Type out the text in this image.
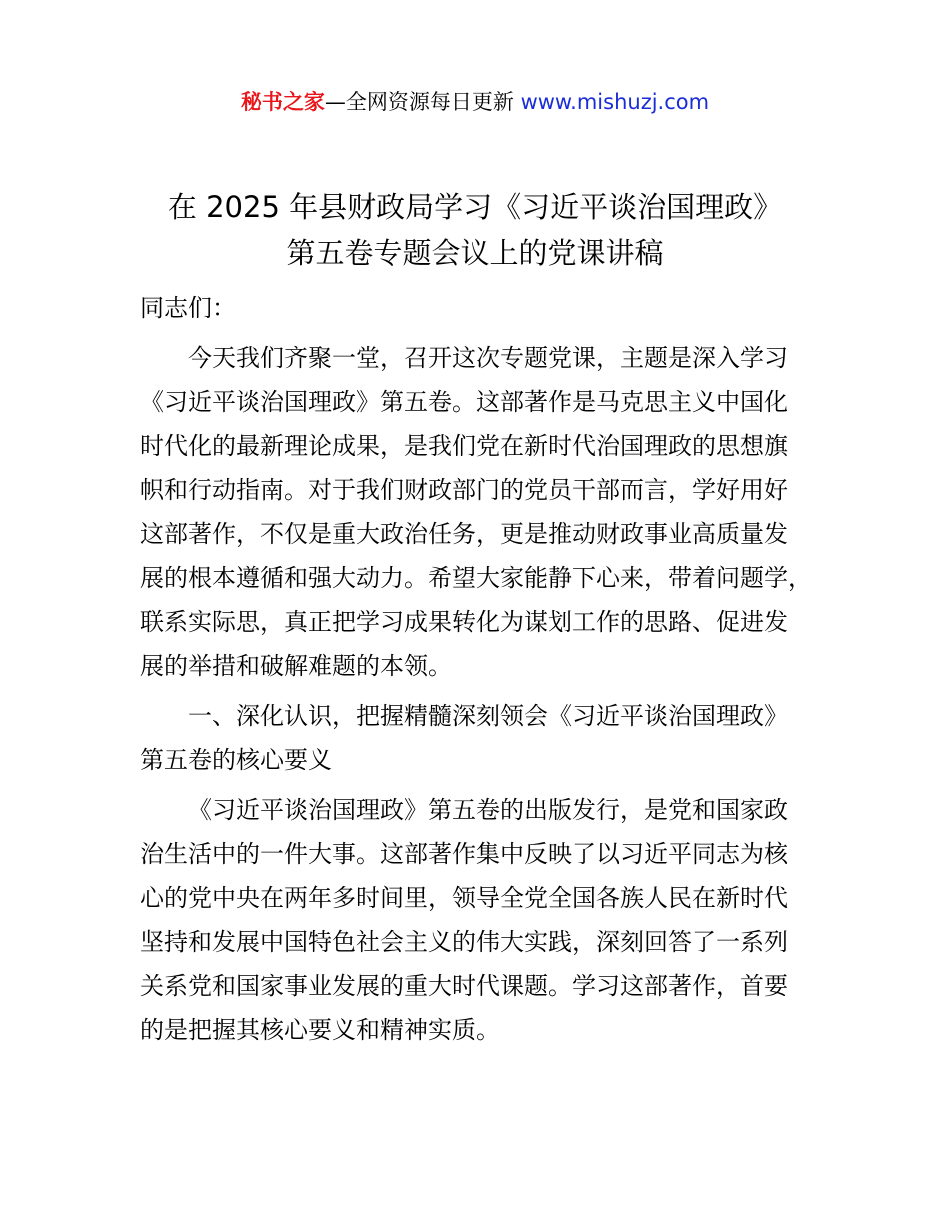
秘书之家—全网资源每日更新 www.mishuzj.com
在 2025 年县财政局学习《习近平谈治国理政》
第五卷专题会议上的党课讲稿
同志们：
今天我们齐聚一堂，召开这次专题党课，主题是深入学习
《习近平谈治国理政》第五卷。这部著作是马克思主义中国化
时代化的最新理论成果，是我们党在新时代治国理政的思想旗
帜和行动指南。对于我们财政部门的党员干部而言，学好用好
这部著作，不仅是重大政治任务，更是推动财政事业高质量发
展的根本遵循和强大动力。希望大家能静下心来，带着问题学，
联系实际思，真正把学习成果转化为谋划工作的思路、促进发
展的举措和破解难题的本领。
一、深化认识，把握精髓深刻领会《习近平谈治国理政》
第五卷的核心要义
《习近平谈治国理政》第五卷的出版发行，是党和国家政
治生活中的一件大事。这部著作集中反映了以习近平同志为核
心的党中央在两年多时间里，领导全党全国各族人民在新时代
坚持和发展中国特色社会主义的伟大实践，深刻回答了一系列
关系党和国家事业发展的重大时代课题。学习这部著作，首要
的是把握其核心要义和精神实质。
